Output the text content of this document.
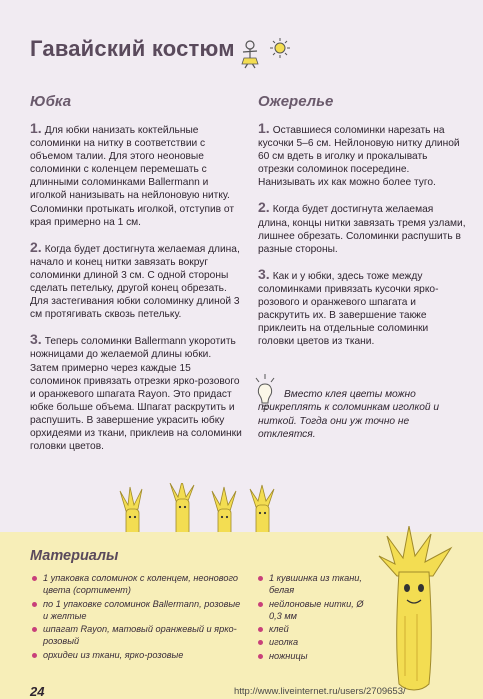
Гавайский костюм
Юбка

1. Для юбки нанизать коктейльные соломинки на нитку в соответствии с объемом талии. Для этого неоновые соломинки с коленцем перемешать с длинными соломинками Ballermann и иголкой нанизывать на нейлоновую нитку. Соломинки протыкать иголкой, отступив от края примерно на 1 см.

2. Когда будет достигнута желаемая длина, начало и конец нитки завязать вокруг соломинки длиной 3 см. С одной стороны сделать петельку, другой конец обрезать. Для застегивания юбки соломинку длиной 3 см протягивать сквозь петельку.

3. Теперь соломинки Ballermann укоротить ножницами до желаемой длины юбки. Затем примерно через каждые 15 соломинок привязать отрезки ярко-розового и оранжевого шпагата Rayon. Это придаст юбке больше объема. Шпагат раскрутить и распушить. В завершение украсить юбку орхидеями из ткани, приклеив на соломинки головки цветов.

Ожерелье

1. Оставшиеся соломинки нарезать на кусочки 5–6 см. Нейлоновую нитку длиной 60 см вдеть в иголку и прокалывать отрезки соломинок посередине. Нанизывать их как можно более туго.

2. Когда будет достигнута желаемая длина, концы нитки завязать тремя узлами, лишнее обрезать. Соломинки распушить в разные стороны.

3. Как и у юбки, здесь тоже между соломинками привязать кусочки ярко-розового и оранжевого шпагата и раскрутить их. В завершение также приклеить на отдельные соломинки головки цветов из ткани.

Вместо клея цветы можно прикреплять к соломинкам иголкой и ниткой. Тогда они уж точно не отклеятся.
Материалы
1 упаковка соломинок с коленцем, неонового цвета (сортимент)
по 1 упаковке соломинок Ballermann, розовые и желтые
шпагат Rayon, матовый оранжевый и ярко-розовый
орхидеи из ткани, ярко-розовые
1 кувшинка из ткани, белая
нейлоновые нитки, Ø 0,3 мм
клей
иголка
ножницы
24	http://www.liveinternet.ru/users/2709653/
